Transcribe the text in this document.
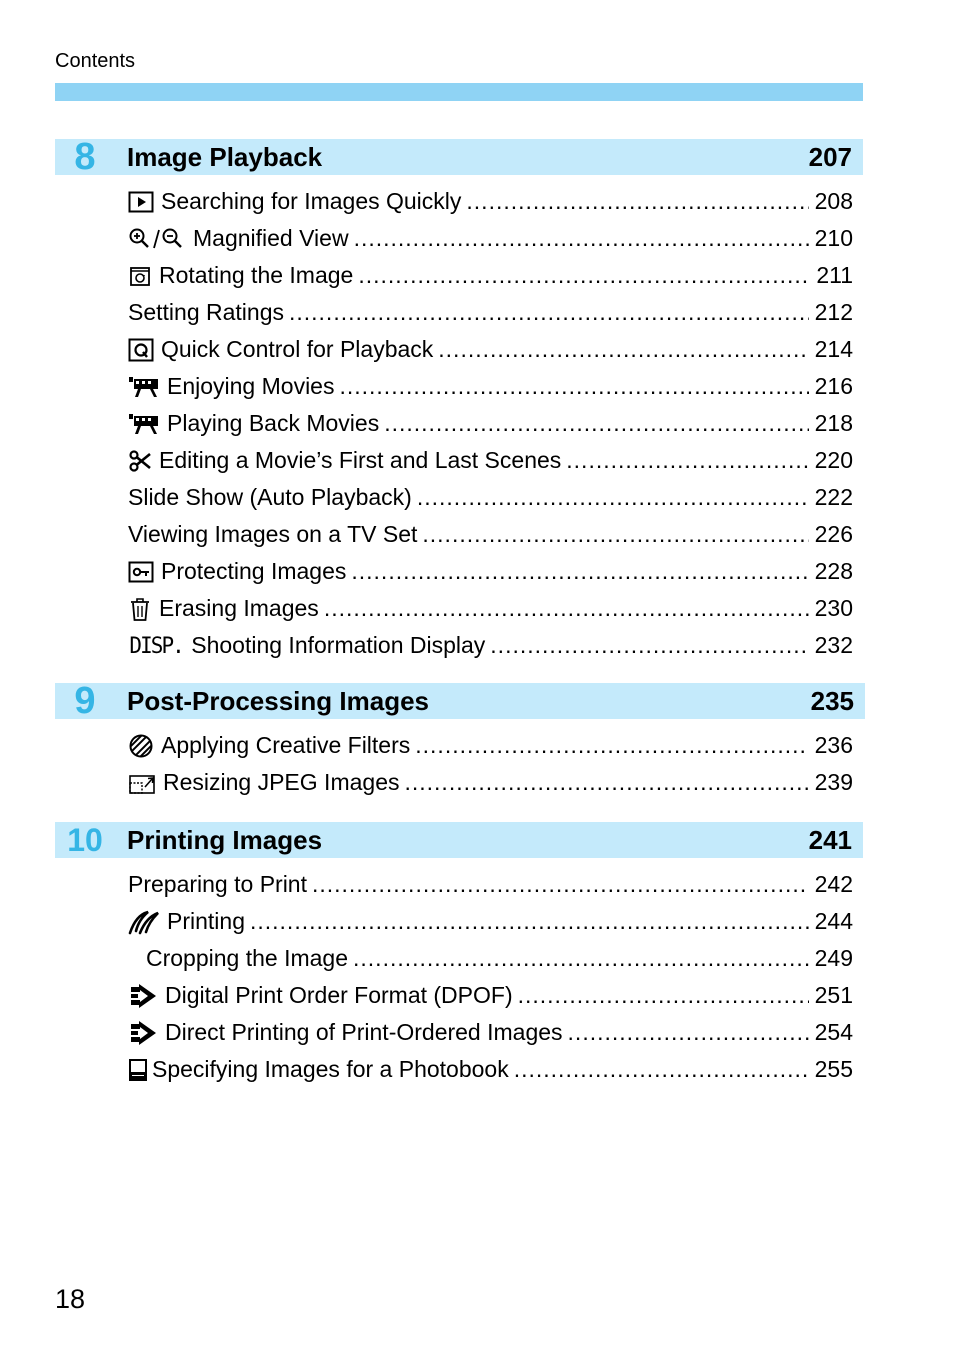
Contents
8	Image Playback	207
Searching for Images Quickly .....	208
Magnified View .....	210
Rotating the Image .....	211
Setting Ratings .....	212
Quick Control for Playback .....	214
Enjoying Movies .....	216
Playing Back Movies .....	218
Editing a Movie’s First and Last Scenes .....	220
Slide Show (Auto Playback) .....	222
Viewing Images on a TV Set .....	226
Protecting Images .....	228
Erasing Images .....	230
DISP. Shooting Information Display .....	232
9	Post-Processing Images	235
Applying Creative Filters .....	236
Resizing JPEG Images .....	239
10 Printing Images	241
Preparing to Print .....	242
Printing .....	244
Cropping the Image .....	249
Digital Print Order Format (DPOF) .....	251
Direct Printing of Print-Ordered Images .....	254
Specifying Images for a Photobook .....	255
18
